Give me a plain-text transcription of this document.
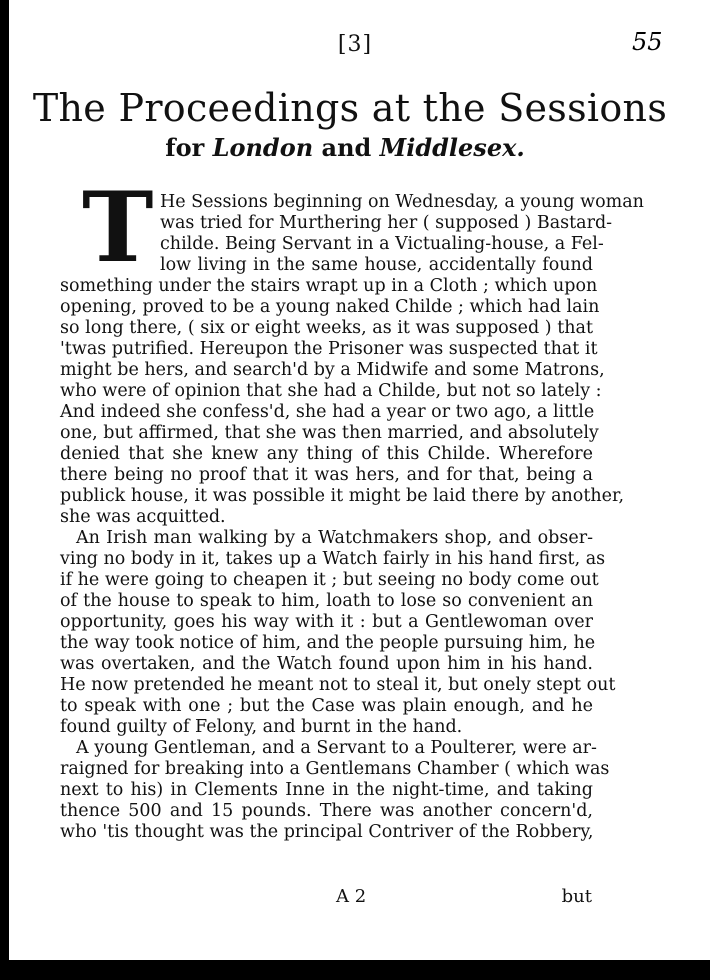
[3]	55
The Proceedings at the Sessions
for London and Middlesex.
T He Sessions beginning on Wednesday, a young woman
was tried for Murthering her ( supposed ) Bastard-
childe. Being Servant in a Victualing-house, a Fel-
low living in the same house, accidentally found
something under the stairs wrapt up in a Cloth ; which upon
opening, proved to be a young naked Childe ; which had lain
so long there, ( six or eight weeks, as it was supposed ) that
'twas putrified. Hereupon the Prisoner was suspected that it
might be hers, and search'd by a Midwife and some Matrons,
who were of opinion that she had a Childe, but not so lately :
And indeed she confess'd, she had a year or two ago, a little
one, but affirmed, that she was then married, and absolutely
denied that she knew any thing of this Childe. Wherefore
there being no proof that it was hers, and for that, being a
publick house, it was possible it might be laid there by another,
she was acquitted.
An Irish man walking by a Watchmakers shop, and obser-
ving no body in it, takes up a Watch fairly in his hand first, as
if he were going to cheapen it ; but seeing no body come out
of the house to speak to him, loath to lose so convenient an
opportunity, goes his way with it : but a Gentlewoman over
the way took notice of him, and the people pursuing him, he
was overtaken, and the Watch found upon him in his hand.
He now pretended he meant not to steal it, but onely stept out
to speak with one ; but the Case was plain enough, and he
found guilty of Felony, and burnt in the hand.
A young Gentleman, and a Servant to a Poulterer, were ar-
raigned for breaking into a Gentlemans Chamber ( which was
next to his) in Clements Inne in the night-time, and taking
thence 500 and 15 pounds. There was another concern'd,
who 'tis thought was the principal Contriver of the Robbery,
A 2	but
